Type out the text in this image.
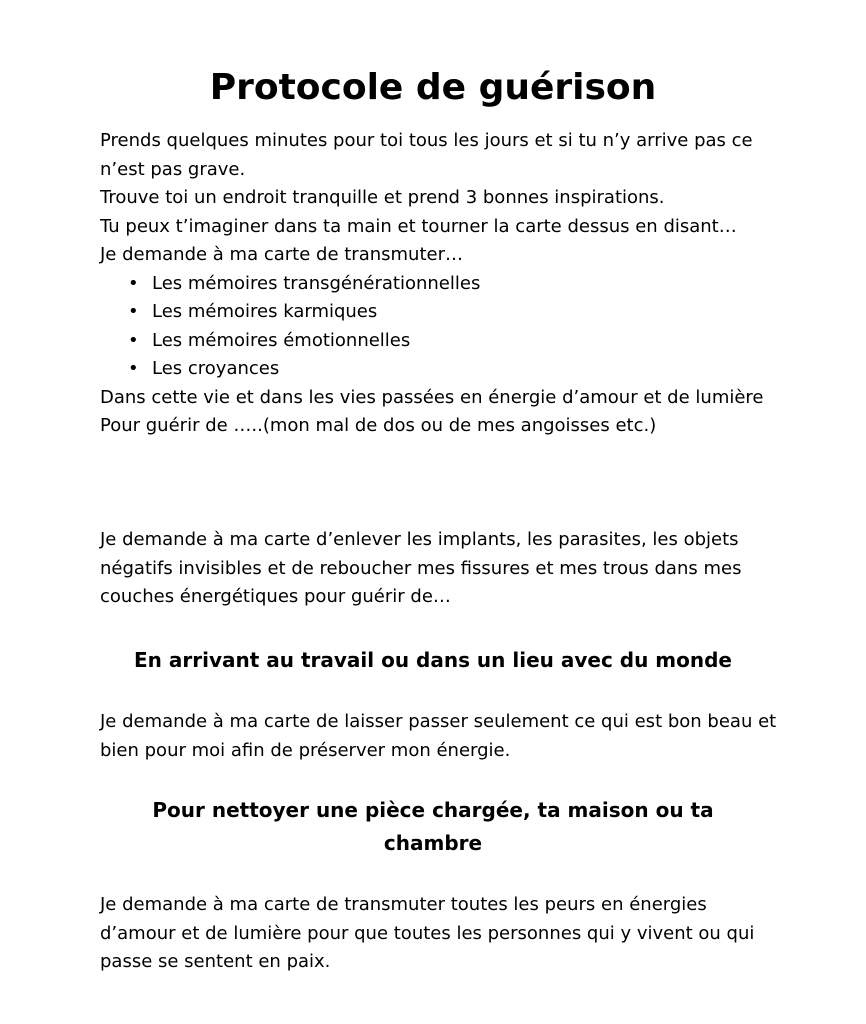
Protocole de guérison

Prends quelques minutes pour toi tous les jours et si tu n’y arrive pas ce n’est pas grave.

Trouve toi un endroit tranquille et prend 3 bonnes inspirations.

Tu peux t’imaginer dans ta main et tourner la carte dessus en disant…

Je demande à ma carte de transmuter…

• Les mémoires transgénérationnelles
• Les mémoires karmiques
• Les mémoires émotionnelles
• Les croyances

Dans cette vie et dans les vies passées en énergie d’amour et de lumière

Pour guérir de …..(mon mal de dos ou de mes angoisses etc.)

Je demande à ma carte d’enlever les implants, les parasites, les objets négatifs invisibles et de reboucher mes fissures et mes trous dans mes couches énergétiques pour guérir de…

En arrivant au travail ou dans un lieu avec du monde

Je demande à ma carte de laisser passer seulement ce qui est bon beau et bien pour moi afin de préserver mon énergie.

Pour nettoyer une pièce chargée, ta maison ou ta chambre

Je demande à ma carte de transmuter toutes les peurs en énergies d’amour et de lumière pour que toutes les personnes qui y vivent ou qui passe se sentent en paix.
